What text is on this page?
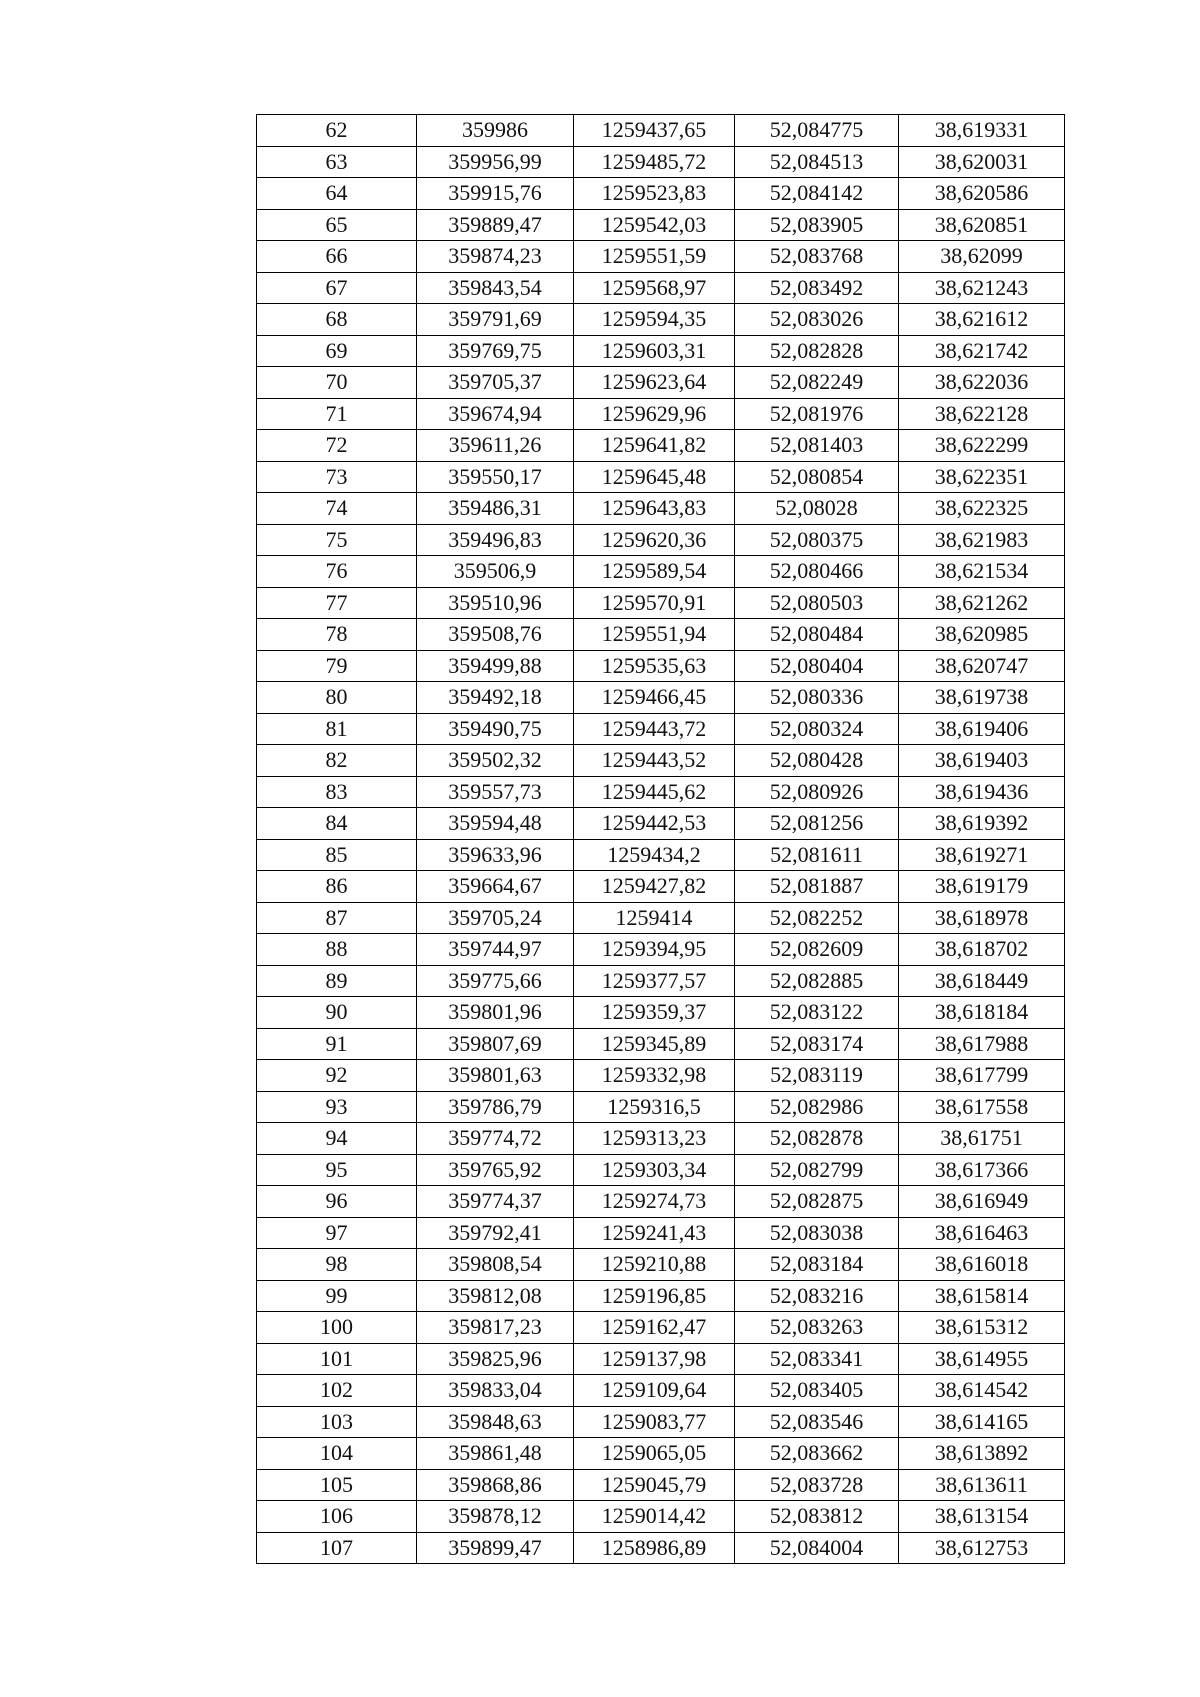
62	359986	1259437,65	52,084775	38,619331
63	359956,99	1259485,72	52,084513	38,620031
64	359915,76	1259523,83	52,084142	38,620586
65	359889,47	1259542,03	52,083905	38,620851
66	359874,23	1259551,59	52,083768	38,62099
67	359843,54	1259568,97	52,083492	38,621243
68	359791,69	1259594,35	52,083026	38,621612
69	359769,75	1259603,31	52,082828	38,621742
70	359705,37	1259623,64	52,082249	38,622036
71	359674,94	1259629,96	52,081976	38,622128
72	359611,26	1259641,82	52,081403	38,622299
73	359550,17	1259645,48	52,080854	38,622351
74	359486,31	1259643,83	52,08028	38,622325
75	359496,83	1259620,36	52,080375	38,621983
76	359506,9	1259589,54	52,080466	38,621534
77	359510,96	1259570,91	52,080503	38,621262
78	359508,76	1259551,94	52,080484	38,620985
79	359499,88	1259535,63	52,080404	38,620747
80	359492,18	1259466,45	52,080336	38,619738
81	359490,75	1259443,72	52,080324	38,619406
82	359502,32	1259443,52	52,080428	38,619403
83	359557,73	1259445,62	52,080926	38,619436
84	359594,48	1259442,53	52,081256	38,619392
85	359633,96	1259434,2	52,081611	38,619271
86	359664,67	1259427,82	52,081887	38,619179
87	359705,24	1259414	52,082252	38,618978
88	359744,97	1259394,95	52,082609	38,618702
89	359775,66	1259377,57	52,082885	38,618449
90	359801,96	1259359,37	52,083122	38,618184
91	359807,69	1259345,89	52,083174	38,617988
92	359801,63	1259332,98	52,083119	38,617799
93	359786,79	1259316,5	52,082986	38,617558
94	359774,72	1259313,23	52,082878	38,61751
95	359765,92	1259303,34	52,082799	38,617366
96	359774,37	1259274,73	52,082875	38,616949
97	359792,41	1259241,43	52,083038	38,616463
98	359808,54	1259210,88	52,083184	38,616018
99	359812,08	1259196,85	52,083216	38,615814
100	359817,23	1259162,47	52,083263	38,615312
101	359825,96	1259137,98	52,083341	38,614955
102	359833,04	1259109,64	52,083405	38,614542
103	359848,63	1259083,77	52,083546	38,614165
104	359861,48	1259065,05	52,083662	38,613892
105	359868,86	1259045,79	52,083728	38,613611
106	359878,12	1259014,42	52,083812	38,613154
107	359899,47	1258986,89	52,084004	38,612753
